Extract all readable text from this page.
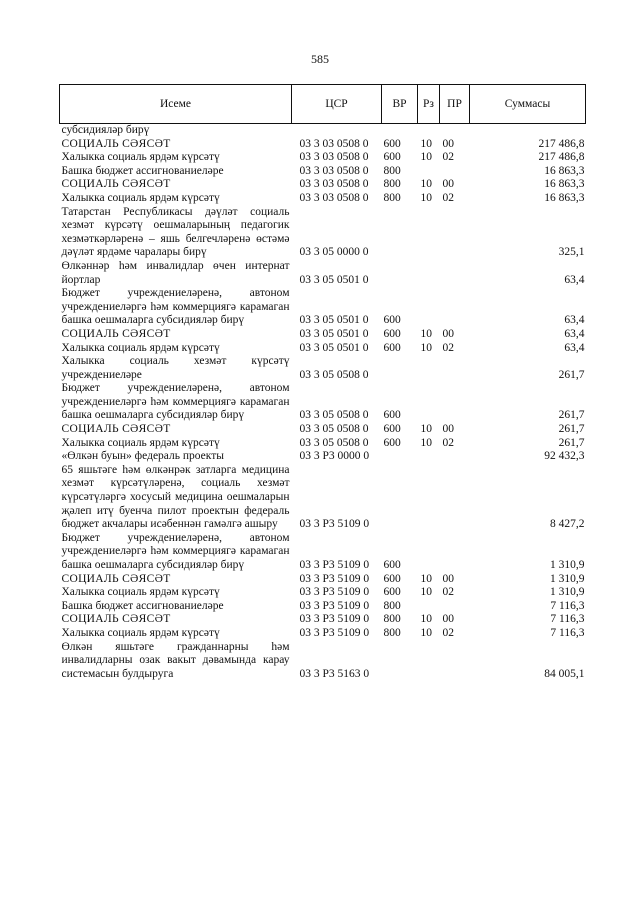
585
Исеме	ЦСР	ВР	Рз	ПР	Суммасы
субсидияләр бирү					
СОЦИАЛЬ СӘЯСӘТ	03 3 03 0508 0	600	10	00	217 486,8
Халыкка социаль ярдәм күрсәтү	03 3 03 0508 0	600	10	02	217 486,8
Башка бюджет ассигнованиеләре	03 3 03 0508 0	800			16 863,3
СОЦИАЛЬ СӘЯСӘТ	03 3 03 0508 0	800	10	00	16 863,3
Халыкка социаль ярдәм күрсәтү	03 3 03 0508 0	800	10	02	16 863,3
Татарстан Республикасы дәүләт социаль хезмәт күрсәтү оешмаларының педагогик хезмәткәрләренә – яшь белгечләренә өстәмә дәүләт ярдәме чаралары бирү	03 3 05 0000 0				325,1
Өлкәннәр һәм инвалидлар өчен интернат йортлар	03 3 05 0501 0				63,4
Бюджет учреждениеләренә, автоном учреждениеләргә һәм коммерциягә карамаган башка оешмаларга субсидияләр бирү	03 3 05 0501 0	600			63,4
СОЦИАЛЬ СӘЯСӘТ	03 3 05 0501 0	600	10	00	63,4
Халыкка социаль ярдәм күрсәтү	03 3 05 0501 0	600	10	02	63,4
Халыкка социаль хезмәт күрсәтү учреждениеләре	03 3 05 0508 0				261,7
Бюджет учреждениеләренә, автоном учреждениеләргә һәм коммерциягә карамаган башка оешмаларга субсидияләр бирү	03 3 05 0508 0	600			261,7
СОЦИАЛЬ СӘЯСӘТ	03 3 05 0508 0	600	10	00	261,7
Халыкка социаль ярдәм күрсәтү	03 3 05 0508 0	600	10	02	261,7
«Өлкән буын» федераль проекты	03 3 Р3 0000 0				92 432,3
65 яшьтәге һәм өлкәнрәк затларга медицина хезмәт күрсәтүләренә, социаль хезмәт күрсәтүләргә хосусый медицина оешмаларын җәлеп итү буенча пилот проектын федераль бюджет акчалары исәбеннән гамәлгә ашыру	03 3 Р3 5109 0				8 427,2
Бюджет учреждениеләренә, автоном учреждениеләргә һәм коммерциягә карамаган башка оешмаларга субсидияләр бирү	03 3 Р3 5109 0	600			1 310,9
СОЦИАЛЬ СӘЯСӘТ	03 3 Р3 5109 0	600	10	00	1 310,9
Халыкка социаль ярдәм күрсәтү	03 3 Р3 5109 0	600	10	02	1 310,9
Башка бюджет ассигнованиеләре	03 3 Р3 5109 0	800			7 116,3
СОЦИАЛЬ СӘЯСӘТ	03 3 Р3 5109 0	800	10	00	7 116,3
Халыкка социаль ярдәм күрсәтү	03 3 Р3 5109 0	800	10	02	7 116,3
Өлкән яшьтәге гражданнарны һәм инвалидларны озак вакыт дәвамында карау системасын булдыруга	03 3 Р3 5163 0				84 005,1
